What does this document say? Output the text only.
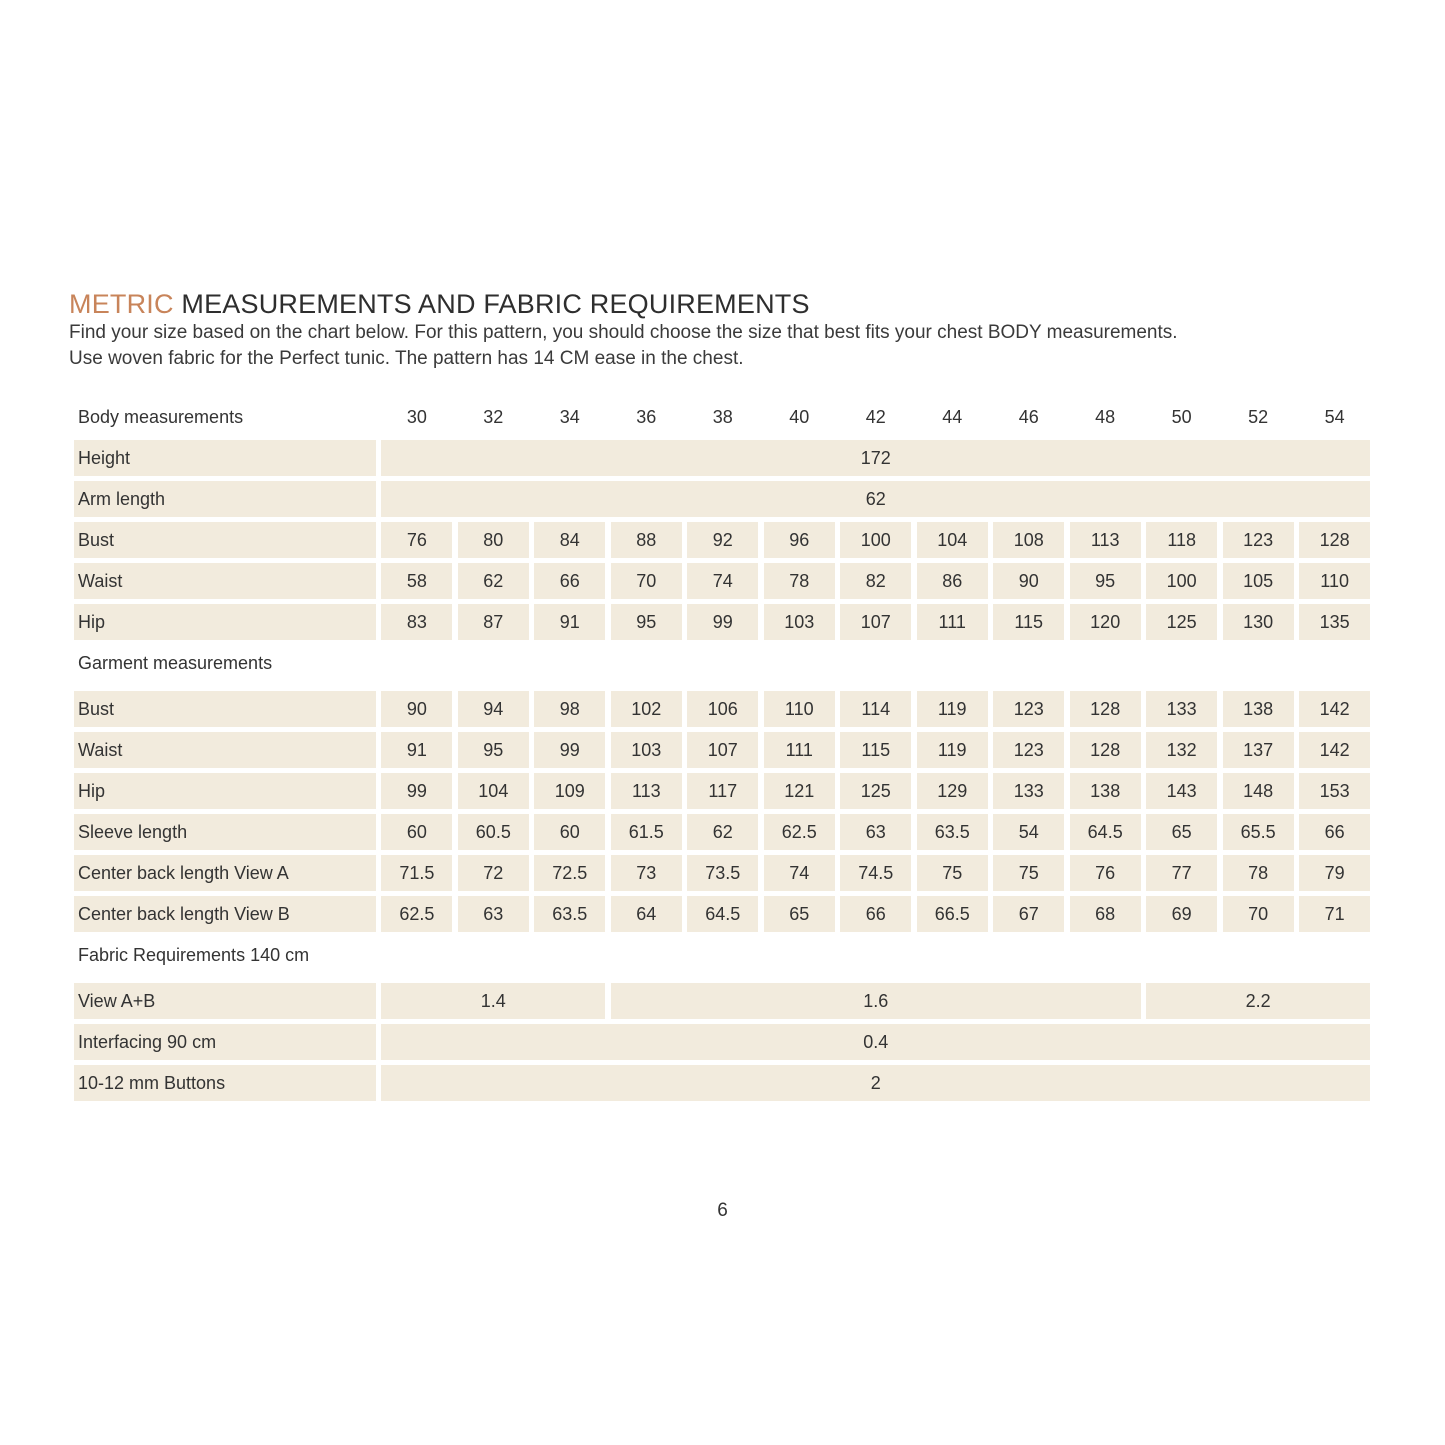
METRIC MEASUREMENTS AND FABRIC REQUIREMENTS

Find your size based on the chart below. For this pattern, you should choose the size that best fits your chest BODY measurements.

Use woven fabric for the Perfect tunic. The pattern has 14 CM ease in the chest.

Body measurements	30	32	34	36	38	40	42	44	46	48	50	52	54
Height	172
Arm length	62
Bust	76	80	84	88	92	96	100	104	108	113	118	123	128
Waist	58	62	66	70	74	78	82	86	90	95	100	105	110
Hip	83	87	91	95	99	103	107	111	115	120	125	130	135
Garment measurements
Bust	90	94	98	102	106	110	114	119	123	128	133	138	142
Waist	91	95	99	103	107	111	115	119	123	128	132	137	142
Hip	99	104	109	113	117	121	125	129	133	138	143	148	153
Sleeve length	60	60.5	60	61.5	62	62.5	63	63.5	54	64.5	65	65.5	66
Center back length View A	71.5	72	72.5	73	73.5	74	74.5	75	75	76	77	78	79
Center back length View B	62.5	63	63.5	64	64.5	65	66	66.5	67	68	69	70	71
Fabric Requirements 140 cm
View A+B	1.4	1.6	2.2
Interfacing 90 cm	0.4
10-12 mm Buttons	2
6
